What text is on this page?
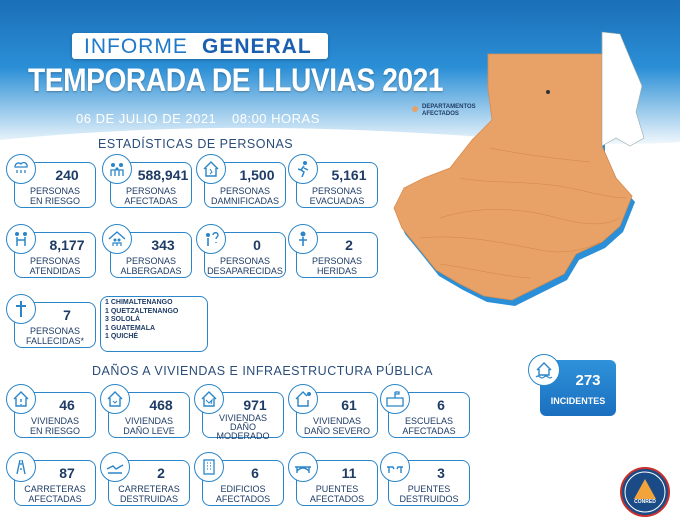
INFORME GENERAL
TEMPORADA DE LLUVIAS 2021
06 DE JULIO DE 2021 08:00 HORAS
DEPARTAMENTOS
AFECTADOS
ESTADÍSTICAS DE PERSONAS
240
PERSONAS
EN RIESGO
588,941
PERSONAS
AFECTADAS
1,500
PERSONAS
DAMNIFICADAS
5,161
PERSONAS
EVACUADAS
8,177
PERSONAS
ATENDIDAS
343
PERSONAS
ALBERGADAS
0
PERSONAS
DESAPARECIDAS
2
PERSONAS
HERIDAS
7
PERSONAS
FALLECIDAS*
1 CHIMALTENANGO
1 QUETZALTENANGO
3 SOLOLÁ
1 GUATEMALA
1 QUICHÉ
273
INCIDENTES
DAÑOS A VIVIENDAS E INFRAESTRUCTURA PÚBLICA
46
VIVIENDAS
EN RIESGO
468
VIVIENDAS
DAÑO LEVE
971
VIVIENDAS
DAÑO
MODERADO
61
VIVIENDAS
DAÑO SEVERO
6
ESCUELAS
AFECTADAS
87
CARRETERAS
AFECTADAS
2
CARRETERAS
DESTRUIDAS
6
EDIFICIOS
AFECTADOS
11
PUENTES
AFECTADOS
3
PUENTES
DESTRUIDOS	CONRED
